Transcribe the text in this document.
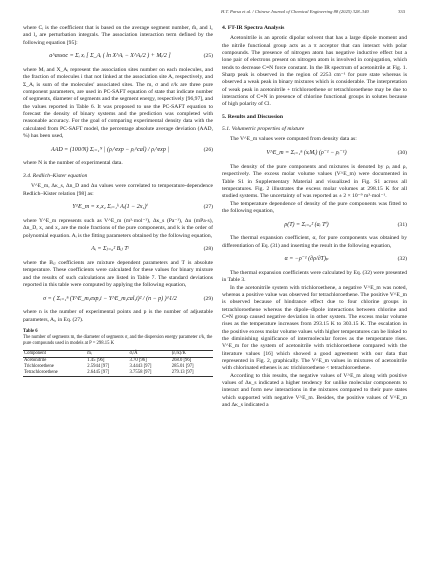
H.T. Parsa et al. / Chinese Journal of Chemical Engineering 88 (2025) 328–340	333

where Cᵢ is the coefficient that is based on the average segment number, m̄, and l₁ and l₂ are perturbation integrals. The association interaction term defined by the following equation [95]:

a^assoc = Σᵢ xᵢ [ Σ_Aᵢ ( ln X^Aᵢ − X^Aᵢ/2 ) + Mᵢ/2 ]	(25)

where Mᵢ and X_Aᵢ represent the association sites number on each molecules, and the fraction of molecules i that not linked at the association site A, respectively, and Σ_Aᵢ is sum of the molecules' associated sites. The m, σ and ε/k are three pure component parameters, are used in PC-SAFT equation of state that indicate number of segments, diameter of segments and the segment energy, respectively [96,97], and the values reported in Table 6. It was proposed to use the PC-SAFT equation to forecast the density of binary systems and the prediction was completed with reasonable accuracy. For the goal of comparing experimental density data with the calculated from PC-SAFT model, the percentage absolute average deviation (AAD, %) has been used,

AAD = (100/N) Σᵢ₌₁ᴺ | (ρᵢ^exp − ρᵢ^cal) / ρᵢ^exp |	(26)

where N is the number of experimental data.

3.4. Redlich–Kister equation

V^E_m, Δκ_s, Δn_D and Δu values were correlated to temperature-dependence Redlich–Kister relation [98] as:

Y^E_m = x₁x₂ Σᵢ₌₁ᵏ Aᵢ(1 − 2x₁)ⁱ	(27)

where Y^E_m represents such as V^E_m (m³·mol⁻¹), Δκ_s (Pa⁻¹), Δu (mPa·s), Δn_D, x₁ and x₂ are the mole fractions of the pure components, and k is the order of polynomial equation. Aᵢ is the fitting parameters obtained by the following equation,

Aᵢ = Σⱼ₌₀² Bᵢⱼ Tʲ	(28)

where the Bᵢⱼ coefficients are mixture dependent parameters and T is absolute temperature. These coefficients were calculated for these values for binary mixture and the results of such calculations are listed in Table 7. The standard deviations reported in this table were computed by applying the following equation,

σ = ( Σᵢ₌₁ⁿ (Y^E_m,exp,i − Y^E_m,cal,i)² / (n − p) )^1/2	(29)

where n is the number of experimental points and p is the number of adjustable parameters, Aᵢ, in Eq. (27).

Table 6
The number of segments m, the diameter of segments σ, and the dispersion energy parameter ε/k, the pure compounds used in models at P = 298.15 K
Component	mᵢ	σᵢ/Å	(εᵢ/k)/K
Acetonitrile	1.45 [96]	3.70 [96]	268.0 [96]
Trichloroethene	2.5944 [97]	3.4443 [97]	285.01 [97]
Tetrachloroethene	2.6445 [97]	3.7558 [97]	279.13 [97]
4. FT-IR Spectra Analysis

Acetonitrile is an aprotic dipolar solvent that has a large dipole moment and the nitrile functional group acts as a π acceptor that can interact with polar compounds. The presence of nitrogen atom has negative inductive effect but a lone pair of electrons present on nitrogen atom is involved in conjugation, which tends to decrease C≡N force constant. In the IR spectrum of acetonitrile at Fig. 1. Sharp peak is observed in the region of 2253 cm⁻¹ for pure state whereas is observed a weak peak in binary mixtures which is considerable. The interpretation of weak peak in acetonitrile + trichloroethene or tetrachloroethene may be due to interactions of C≡N in presence of chlorine functional groups in solutes because of high polarity of Cl.

5. Results and Discussion
5.1. Volumetric properties of mixture

The V^E_m values were computed from density data as:

V^E_m = Σᵢ₌₁ⁿ (xᵢMᵢ) (ρ⁻¹ − ρᵢ⁻¹)	(30)

The density of the pure components and mixtures is denoted by ρᵢ and ρ, respectively. The excess molar volume values (V^E_m) were documented in Table S1 in Supplementary Material and visualized in Fig. S1 across all temperatures. Fig. 2 illustrates the excess molar volumes at 298.15 K for all studied systems. The uncertainty of was reported as ± 2 × 10⁻⁹ m³·mol⁻¹.

The temperature dependence of density of the pure components was fitted to the following equation,

ρ(T) = Σᵢ₌₀² (aᵢ Tⁱ)	(31)

The thermal expansion coefficient, α, for pure components was obtained by differentiation of Eq. (31) and inserting the result in the following equation,

α = −ρ⁻¹ (∂ρ/∂T)ₚ	(32)

The thermal expansion coefficients were calculated by Eq. (32) were presented in Table 3.

In the acetonitrile system with trichloroethene, a negative V^E_m was noted, whereas a positive value was observed for tetrachloroethene. The positive V^E_m is observed because of hindrance effect due to four chlorine groups in tetrachloroethene whereas the dipole–dipole interactions between chlorine and C≡N group caused negative deviation in other system. The excess molar volume rises as the temperature increases from 293.15 K to 303.15 K. The escalation in the positive excess molar volume values with higher temperatures can be linked to the diminishing significance of intermolecular forces as the temperature rises. V^E_m for the system of acetonitrile with trichloroethene compared with the literature values [16] which showed a good agreement with our data that represented in Fig. 2, graphically. The V^E_m values in mixtures of acetonitrile with chlorinated ethenes is as: trichloroethene < tetrachloroethene.

According to this results, the negative values of V^E_m along with positive values of Δκ_s indicated a higher tendency for unlike molecular components to interact and form new interactions in the mixtures compared to their pure states which supported with negative V^E_m. Besides, the positive values of V^E_m and Δκ_s indicated a
